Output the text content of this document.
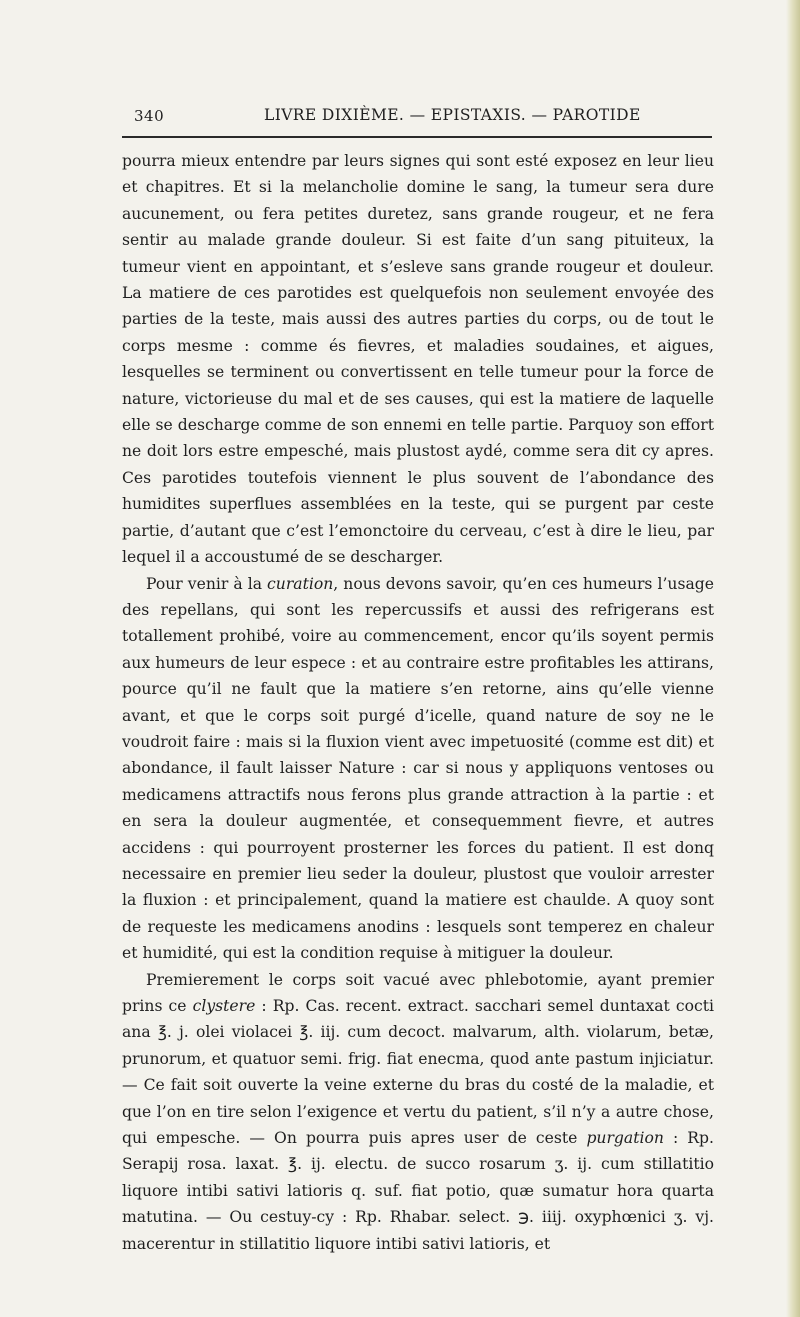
340	LIVRE DIXIÈME. — EPISTAXIS. — PAROTIDE

pourra mieux entendre par leurs signes qui sont esté exposez en leur lieu et chapitres. Et si la melancholie domine le sang, la tumeur sera dure aucunement, ou fera petites duretez, sans grande rougeur, et ne fera sentir au malade grande douleur. Si est faite d’un sang pituiteux, la tumeur vient en appointant, et s’esleve sans grande rougeur et douleur. La matiere de ces parotides est quelquefois non seulement envoyée des parties de la teste, mais aussi des autres parties du corps, ou de tout le corps mesme : comme és fievres, et maladies soudaines, et aigues, lesquelles se terminent ou convertissent en telle tumeur pour la force de nature, victorieuse du mal et de ses causes, qui est la matiere de laquelle elle se descharge comme de son ennemi en telle partie. Parquoy son effort ne doit lors estre empesché, mais plustost aydé, comme sera dit cy apres. Ces parotides toutefois viennent le plus souvent de l’abondance des humidites superflues assemblées en la teste, qui se purgent par ceste partie, d’autant que c’est l’emonctoire du cerveau, c’est à dire le lieu, par lequel il a accoustumé de se descharger.

Pour venir à la curation, nous devons savoir, qu’en ces humeurs l’usage des repellans, qui sont les repercussifs et aussi des refrigerans est totallement prohibé, voire au commencement, encor qu’ils soyent permis aux humeurs de leur espece : et au contraire estre profitables les attirans, pource qu’il ne fault que la matiere s’en retorne, ains qu’elle vienne avant, et que le corps soit purgé d’icelle, quand nature de soy ne le voudroit faire : mais si la fluxion vient avec impetuosité (comme est dit) et abondance, il fault laisser Nature : car si nous y appliquons ventoses ou medicamens attractifs nous ferons plus grande attraction à la partie : et en sera la douleur augmentée, et consequemment fievre, et autres accidens : qui pourroyent prosterner les forces du patient. Il est donq necessaire en premier lieu seder la douleur, plustost que vouloir arrester la fluxion : et principalement, quand la matiere est chaulde. A quoy sont de requeste les medicamens anodins : lesquels sont temperez en chaleur et humidité, qui est la condition requise à mitiguer la douleur.

Premierement le corps soit vacué avec phlebotomie, ayant premier prins ce clystere : Rp. Cas. recent. extract. sacchari semel duntaxat cocti ana ℥. j. olei violacei ℥. iij. cum decoct. malvarum, alth. violarum, betæ, prunorum, et quatuor semi. frig. fiat enecma, quod ante pastum injiciatur. — Ce fait soit ouverte la veine externe du bras du costé de la maladie, et que l’on en tire selon l’exigence et vertu du patient, s’il n’y a autre chose, qui empesche. — On pourra puis apres user de ceste purgation : Rp. Serapij rosa. laxat. ℥. ij. electu. de succo rosarum ʒ. ij. cum stillatitio liquore intibi sativi latioris q. suf. fiat potio, quæ sumatur hora quarta matutina. — Ou cestuy-cy : Rp. Rhabar. select. ℈. iiij. oxyphœnici ʒ. vj. macerentur in stillatitio liquore intibi sativi latioris, et
